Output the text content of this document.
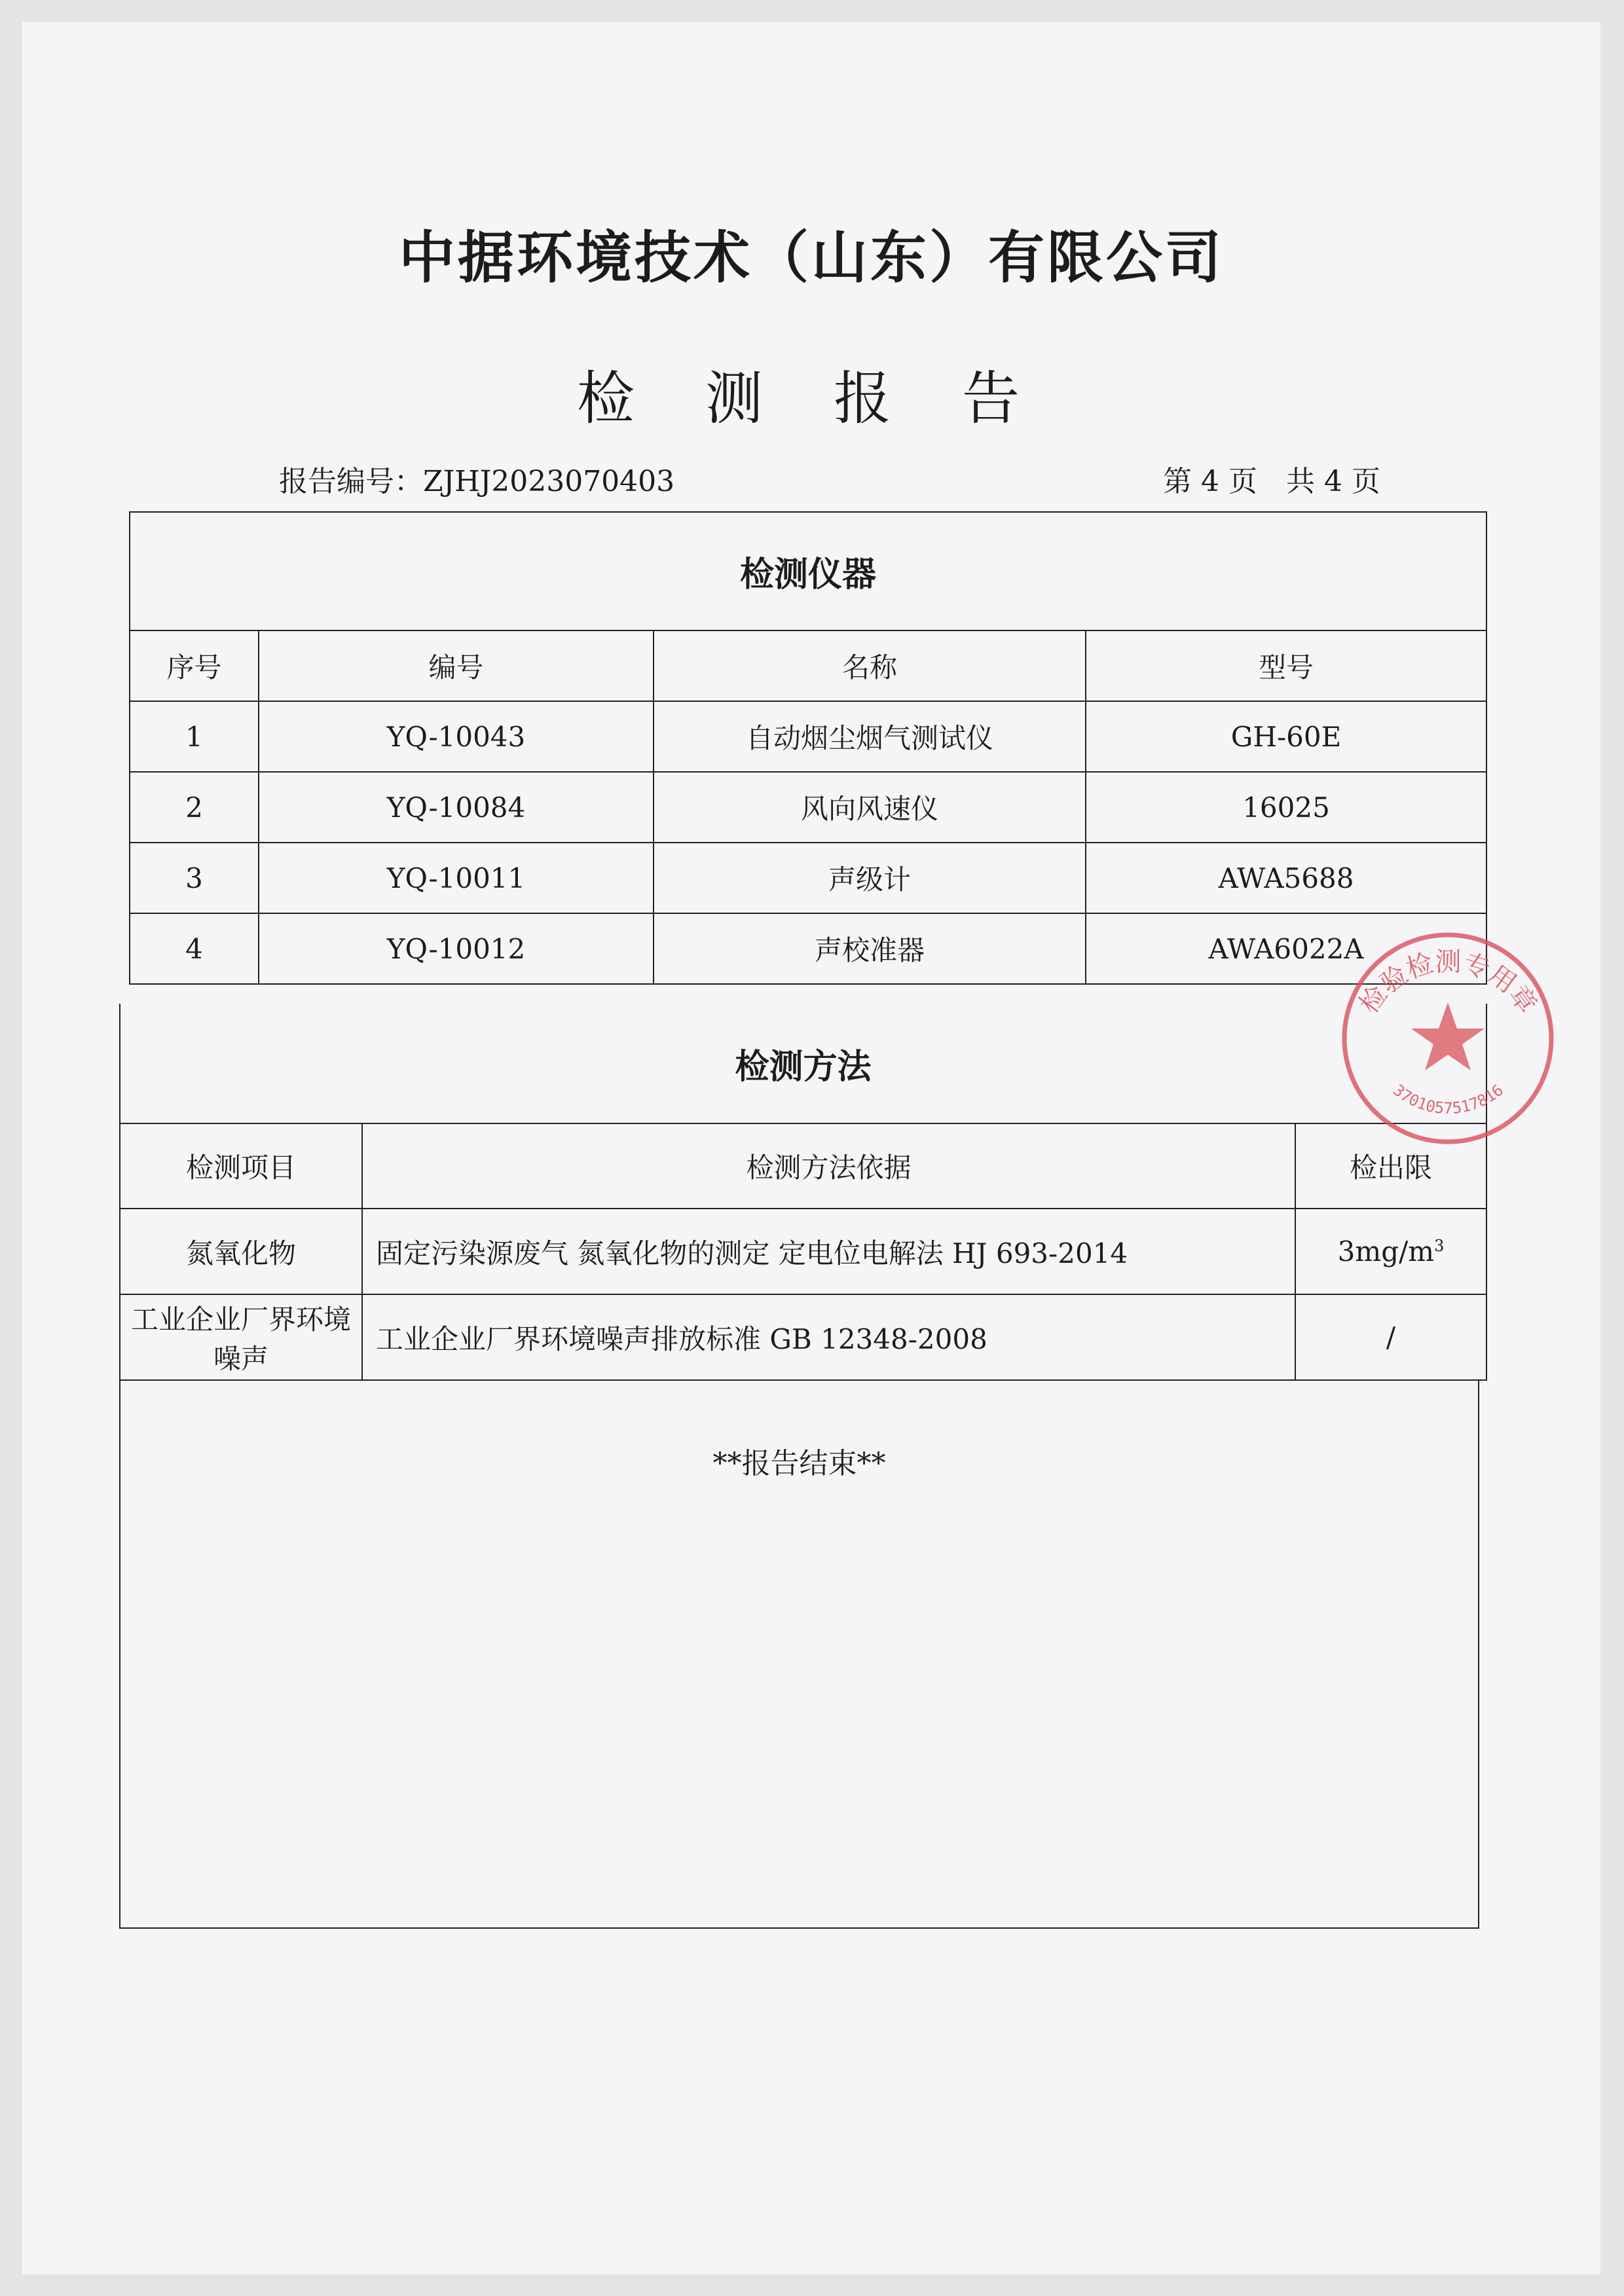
中据环境技术（山东）有限公司
检 测 报 告
报告编号：ZJHJ2023070403	第 4 页　共 4 页
检测仪器			
序号	编号	名称	型号
1	YQ-10043	自动烟尘烟气测试仪	GH-60E
2	YQ-10084	风向风速仪	16025
3	YQ-10011	声级计	AWA5688
4	YQ-10012	声校准器	AWA6022A
检测方法		
检测项目	检测方法依据	检出限
氮氧化物	固定污染源废气 氮氧化物的测定 定电位电解法 HJ 693-2014	$3mg/m^3$
工业企业厂界环境噪声	工业企业厂界环境噪声排放标准 GB 12348-2008	/
**报告结束**
检验检测专用章
3701057517816
